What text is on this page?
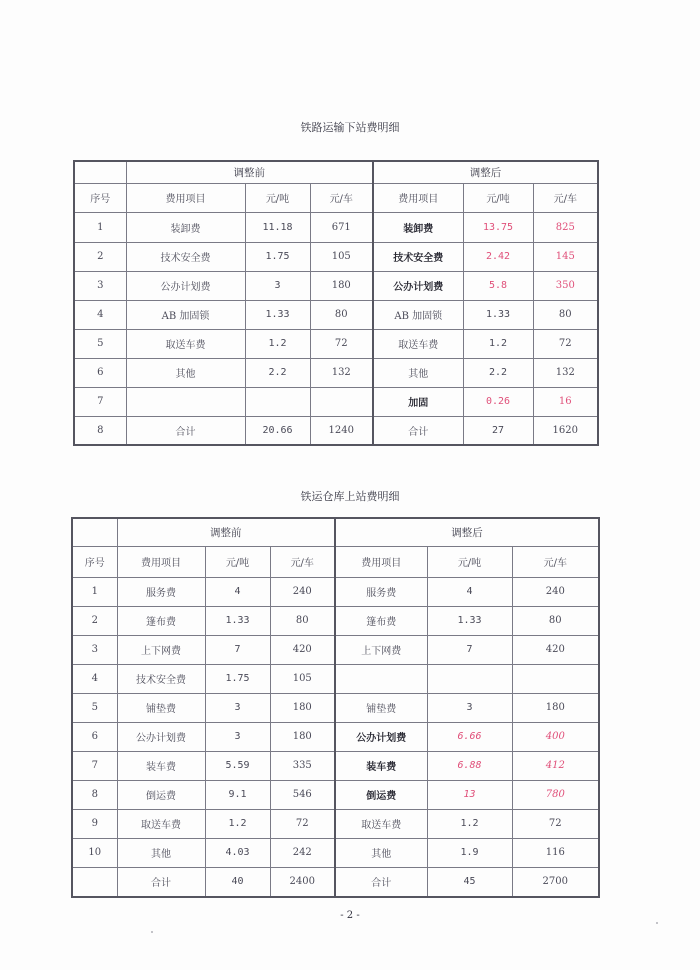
铁路运输下站费明细
	调整前			调整后		
序号	费用项目	元/吨	元/车	费用项目	元/吨	元/车
1	装卸费	11.18	671	装卸费	13.75	825
2	技术安全费	1.75	105	技术安全费	2.42	145
3	公办计划费	3	180	公办计划费	5.8	350
4	AB 加固锁	1.33	80	AB 加固锁	1.33	80
5	取送车费	1.2	72	取送车费	1.2	72
6	其他	2.2	132	其他	2.2	132
7				加固	0.26	16
8	合计	20.66	1240	合计	27	1620
铁运仓库上站费明细
	调整前			调整后		
序号	费用项目	元/吨	元/车	费用项目	元/吨	元/车
1	服务费	4	240	服务费	4	240
2	篷布费	1.33	80	篷布费	1.33	80
3	上下网费	7	420	上下网费	7	420
4	技术安全费	1.75	105			
5	铺垫费	3	180	铺垫费	3	180
6	公办计划费	3	180	公办计划费	6.66	400
7	装车费	5.59	335	装车费	6.88	412
8	倒运费	9.1	546	倒运费	13	780
9	取送车费	1.2	72	取送车费	1.2	72
10	其他	4.03	242	其他	1.9	116
	合计	40	2400	合计	45	2700
- 2 -
